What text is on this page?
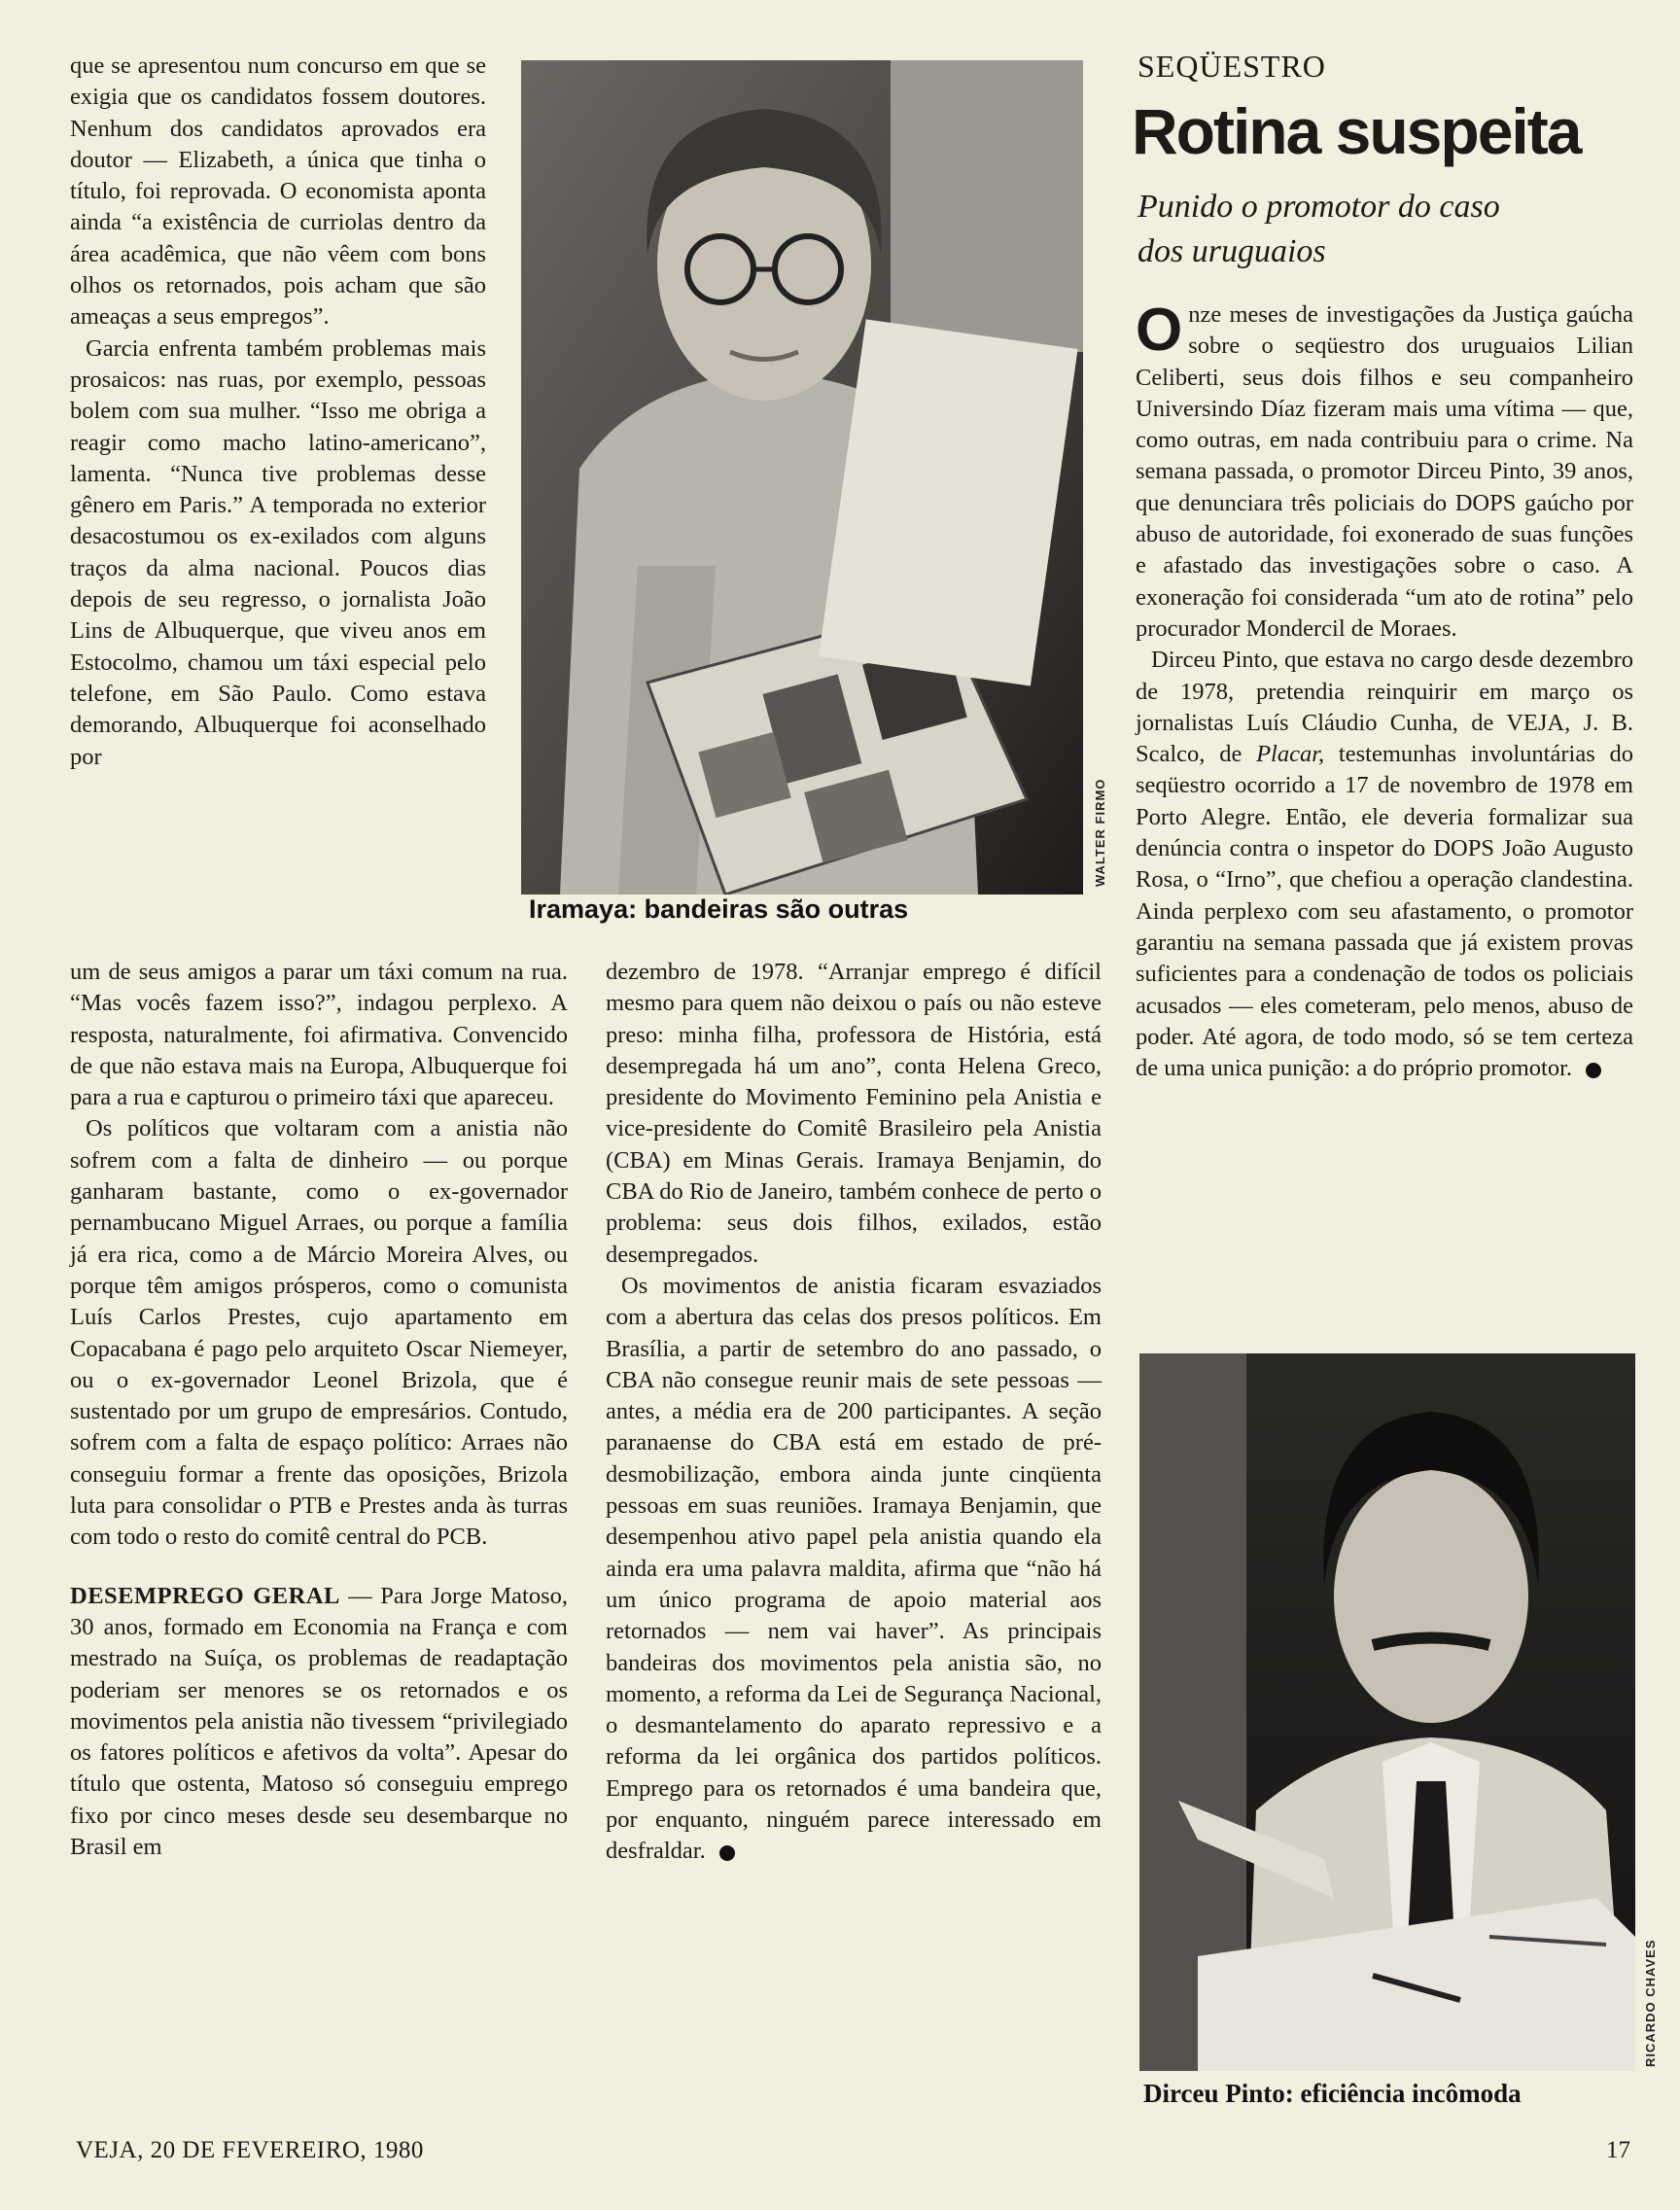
que se apresentou num concurso em que se exigia que os candidatos fossem doutores. Nenhum dos candidatos aprovados era doutor — Elizabeth, a única que tinha o título, foi reprovada. O economista aponta ainda “a existência de curriolas dentro da área acadêmica, que não vêem com bons olhos os retornados, pois acham que são ameaças a seus empregos”.

Garcia enfrenta também problemas mais prosaicos: nas ruas, por exemplo, pessoas bolem com sua mulher. “Isso me obriga a reagir como macho latino-americano”, lamenta. “Nunca tive problemas desse gênero em Paris.” A temporada no exterior desacostumou os ex-exilados com alguns traços da alma nacional. Poucos dias depois de seu regresso, o jornalista João Lins de Albuquerque, que viveu anos em Estocolmo, chamou um táxi especial pelo telefone, em São Paulo. Como estava demorando, Albuquerque foi aconselhado por

um de seus amigos a parar um táxi comum na rua. “Mas vocês fazem isso?”, indagou perplexo. A resposta, naturalmente, foi afirmativa. Convencido de que não estava mais na Europa, Albuquerque foi para a rua e capturou o primeiro táxi que apareceu.

Os políticos que voltaram com a anistia não sofrem com a falta de dinheiro — ou porque ganharam bastante, como o ex-governador pernambucano Miguel Arraes, ou porque a família já era rica, como a de Márcio Moreira Alves, ou porque têm amigos prósperos, como o comunista Luís Carlos Prestes, cujo apartamento em Copacabana é pago pelo arquiteto Oscar Niemeyer, ou o ex-governador Leonel Brizola, que é sustentado por um grupo de empresários. Contudo, sofrem com a falta de espaço político: Arraes não conseguiu formar a frente das oposições, Brizola luta para consolidar o PTB e Prestes anda às turras com todo o resto do comitê central do PCB.

DESEMPREGO GERAL — Para Jorge Matoso, 30 anos, formado em Economia na França e com mestrado na Suíça, os problemas de readaptação poderiam ser menores se os retornados e os movimentos pela anistia não tivessem “privilegiado os fatores políticos e afetivos da volta”. Apesar do título que ostenta, Matoso só conseguiu emprego fixo por cinco meses desde seu desembarque no Brasil em

WALTER FIRMO
Iramaya: bandeiras são outras

dezembro de 1978. “Arranjar emprego é difícil mesmo para quem não deixou o país ou não esteve preso: minha filha, professora de História, está desempregada há um ano”, conta Helena Greco, presidente do Movimento Feminino pela Anistia e vice-presidente do Comitê Brasileiro pela Anistia (CBA) em Minas Gerais. Iramaya Benjamin, do CBA do Rio de Janeiro, também conhece de perto o problema: seus dois filhos, exilados, estão desempregados.

Os movimentos de anistia ficaram esvaziados com a abertura das celas dos presos políticos. Em Brasília, a partir de setembro do ano passado, o CBA não consegue reunir mais de sete pessoas — antes, a média era de 200 participantes. A seção paranaense do CBA está em estado de pré-desmobilização, embora ainda junte cinqüenta pessoas em suas reuniões. Iramaya Benjamin, que desempenhou ativo papel pela anistia quando ela ainda era uma palavra maldita, afirma que “não há um único programa de apoio material aos retornados — nem vai haver”. As principais bandeiras dos movimentos pela anistia são, no momento, a reforma da Lei de Segurança Nacional, o desmantelamento do aparato repressivo e a reforma da lei orgânica dos partidos políticos. Emprego para os retornados é uma bandeira que, por enquanto, ninguém parece interessado em desfraldar.

SEQÜESTRO
Rotina suspeita
Punido o promotor do caso dos uruguaios

Onze meses de investigações da Justiça gaúcha sobre o seqüestro dos uruguaios Lilian Celiberti, seus dois filhos e seu companheiro Universindo Díaz fizeram mais uma vítima — que, como outras, em nada contribuiu para o crime. Na semana passada, o promotor Dirceu Pinto, 39 anos, que denunciara três policiais do DOPS gaúcho por abuso de autoridade, foi exonerado de suas funções e afastado das investigações sobre o caso. A exoneração foi considerada “um ato de rotina” pelo procurador Mondercil de Moraes.

Dirceu Pinto, que estava no cargo desde dezembro de 1978, pretendia reinquirir em março os jornalistas Luís Cláudio Cunha, de VEJA, J. B. Scalco, de Placar, testemunhas involuntárias do seqüestro ocorrido a 17 de novembro de 1978 em Porto Alegre. Então, ele deveria formalizar sua denúncia contra o inspetor do DOPS João Augusto Rosa, o “Irno”, que chefiou a operação clandestina. Ainda perplexo com seu afastamento, o promotor garantiu na semana passada que já existem provas suficientes para a condenação de todos os policiais acusados — eles cometeram, pelo menos, abuso de poder. Até agora, de todo modo, só se tem certeza de uma unica punição: a do próprio promotor.

RICARDO CHAVES
Dirceu Pinto: eficiência incômoda
VEJA, 20 DE FEVEREIRO, 1980	17
